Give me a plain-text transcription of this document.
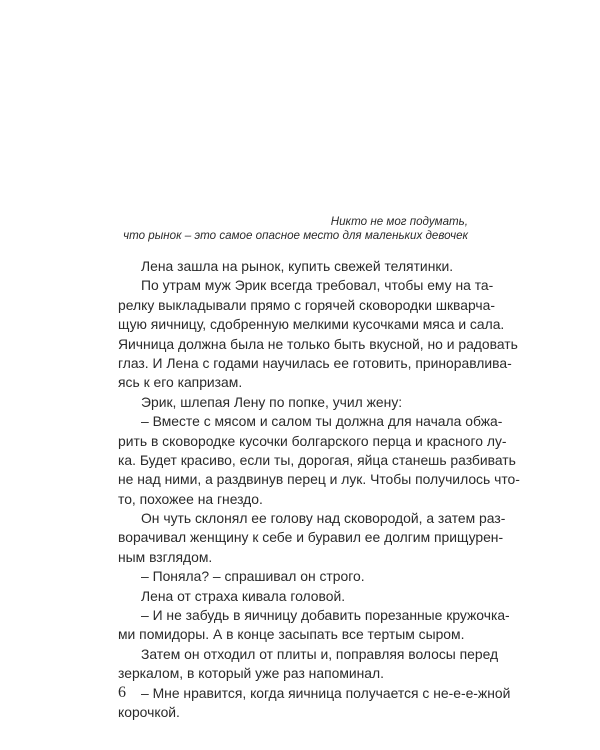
Никто не мог подумать,
что рынок – это самое опасное место для маленьких девочек

Лена зашла на рынок, купить свежей телятинки.

По утрам муж Эрик всегда требовал, чтобы ему на та-
релку выкладывали прямо с горячей сковородки шкварча-
щую яичницу, сдобренную мелкими кусочками мяса и сала.
Яичница должна была не только быть вкусной, но и радовать
глаз. И Лена с годами научилась ее готовить, приноравлива-
ясь к его капризам.

Эрик, шлепая Лену по попке, учил жену:

– Вместе с мясом и салом ты должна для начала обжа-
рить в сковородке кусочки болгарского перца и красного лу-
ка. Будет красиво, если ты, дорогая, яйца станешь разбивать
не над ними, а раздвинув перец и лук. Чтобы получилось что-
то, похожее на гнездо.

Он чуть склонял ее голову над сковородой, а затем раз-
ворачивал женщину к себе и буравил ее долгим прищурен-
ным взглядом.

– Поняла? – спрашивал он строго.

Лена от страха кивала головой.

– И не забудь в яичницу добавить порезанные кружочка-
ми помидоры. А в конце засыпать все тертым сыром.

Затем он отходил от плиты и, поправляя волосы перед
зеркалом, в который уже раз напоминал.

– Мне нравится, когда яичница получается с не-е-е-жной
корочкой.

6
